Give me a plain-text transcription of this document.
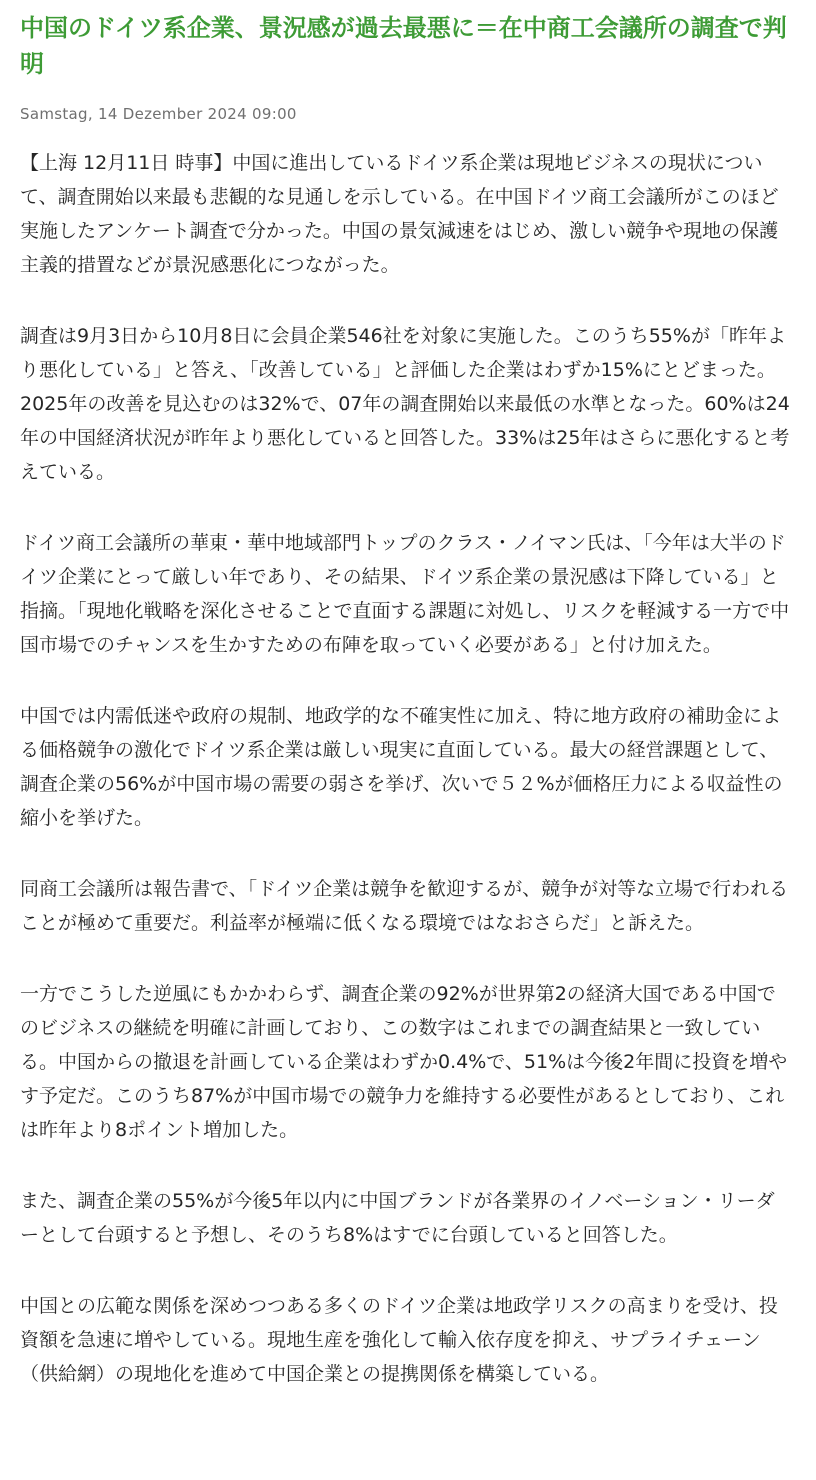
中国のドイツ系企業、景況感が過去最悪に＝在中商工会議所の調査で判明

Samstag, 14 Dezember 2024 09:00

【上海 12月11日 時事】中国に進出しているドイツ系企業は現地ビジネスの現状について、調査開始以来最も悲観的な見通しを示している。在中国ドイツ商工会議所がこのほど実施したアンケート調査で分かった。中国の景気減速をはじめ、激しい競争や現地の保護主義的措置などが景況感悪化につながった。

調査は9月3日から10月8日に会員企業546社を対象に実施した。このうち55%が「昨年より悪化している」と答え、「改善している」と評価した企業はわずか15%にとどまった。2025年の改善を見込むのは32%で、07年の調査開始以来最低の水準となった。60%は24年の中国経済状況が昨年より悪化していると回答した。33%は25年はさらに悪化すると考えている。

ドイツ商工会議所の華東・華中地域部門トップのクラス・ノイマン氏は、「今年は大半のドイツ企業にとって厳しい年であり、その結果、ドイツ系企業の景況感は下降している」と指摘。「現地化戦略を深化させることで直面する課題に対処し、リスクを軽減する一方で中国市場でのチャンスを生かすための布陣を取っていく必要がある」と付け加えた。

中国では内需低迷や政府の規制、地政学的な不確実性に加え、特に地方政府の補助金による価格競争の激化でドイツ系企業は厳しい現実に直面している。最大の経営課題として、調査企業の56%が中国市場の需要の弱さを挙げ、次いで５２%が価格圧力による収益性の縮小を挙げた。

同商工会議所は報告書で、「ドイツ企業は競争を歓迎するが、競争が対等な立場で行われることが極めて重要だ。利益率が極端に低くなる環境ではなおさらだ」と訴えた。

一方でこうした逆風にもかかわらず、調査企業の92%が世界第2の経済大国である中国でのビジネスの継続を明確に計画しており、この数字はこれまでの調査結果と一致している。中国からの撤退を計画している企業はわずか0.4%で、51%は今後2年間に投資を増やす予定だ。このうち87%が中国市場での競争力を維持する必要性があるとしており、これは昨年より8ポイント増加した。

また、調査企業の55%が今後5年以内に中国ブランドが各業界のイノベーション・リーダーとして台頭すると予想し、そのうち8%はすでに台頭していると回答した。

中国との広範な関係を深めつつある多くのドイツ企業は地政学リスクの高まりを受け、投資額を急速に増やしている。現地生産を強化して輸入依存度を抑え、サプライチェーン（供給網）の現地化を進めて中国企業との提携関係を構築している。
